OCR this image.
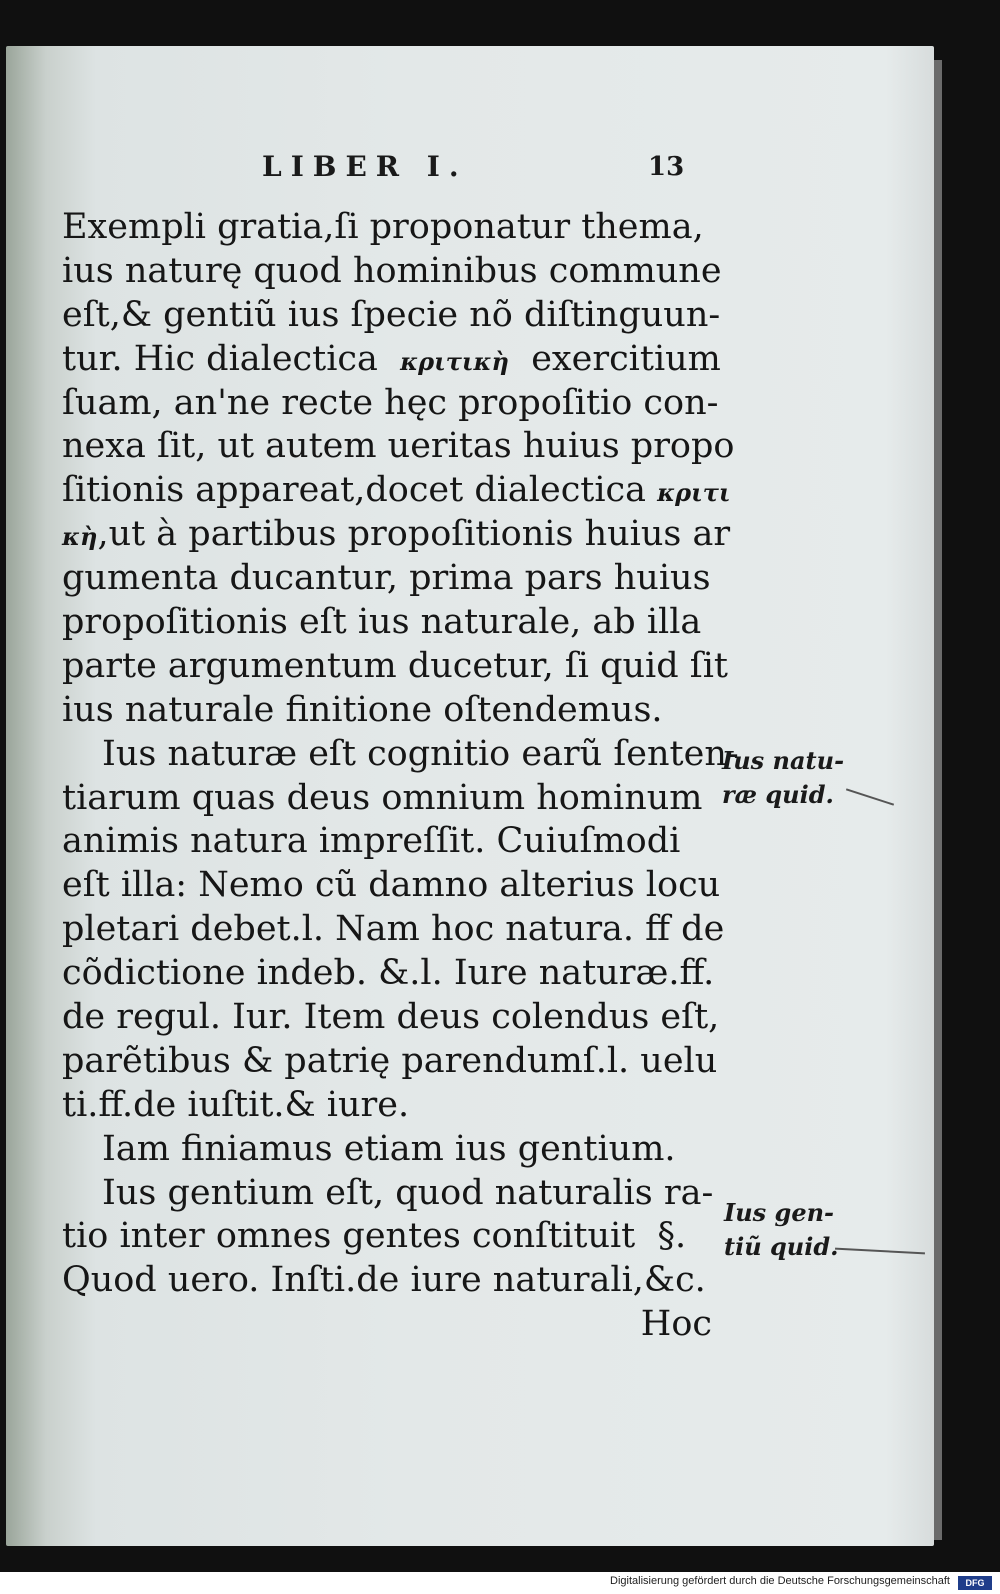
LIBER I.	13
Exempli gratia,ſi proponatur thema,
ius naturę quod hominibus commune
eſt,& gentiũ ius ſpecie nõ diſtinguun-
tur. Hic dialectica κριτικὴ exercitium
ſuam, an'ne recte hęc propoſitio con-
nexa ſit, ut autem ueritas huius propo
ſitionis appareat,docet dialectica κριτι
κὴ,ut à partibus propoſitionis huius ar
gumenta ducantur, prima pars huius
propoſitionis eſt ius naturale, ab illa
parte argumentum ducetur, ſi quid ſit
ius naturale finitione oſtendemus.
Ius naturæ eſt cognitio earũ ſenten-
tiarum quas deus omnium hominum
animis natura impreſſit. Cuiuſmodi
eſt illa: Nemo cũ damno alterius locu
pletari debet.l. Nam hoc natura. ff de
cõdictione indeb. &.l. Iure naturæ.ff.
de regul. Iur. Item deus colendus eſt,
parẽtibus & patrię parendumſ.l. uelu
ti.ff.de iuſtit.& iure.
Iam finiamus etiam ius gentium.
Ius gentium eſt, quod naturalis ra-
tio inter omnes gentes conſtituit §.
Quod uero. Inſti.de iure naturali,&c.
Hoc
Ius natu-
ræ quid.
Ius gen-
tiũ quid.
Digitalisierung gefördert durch die Deutsche Forschungsgemeinschaft	DFG
